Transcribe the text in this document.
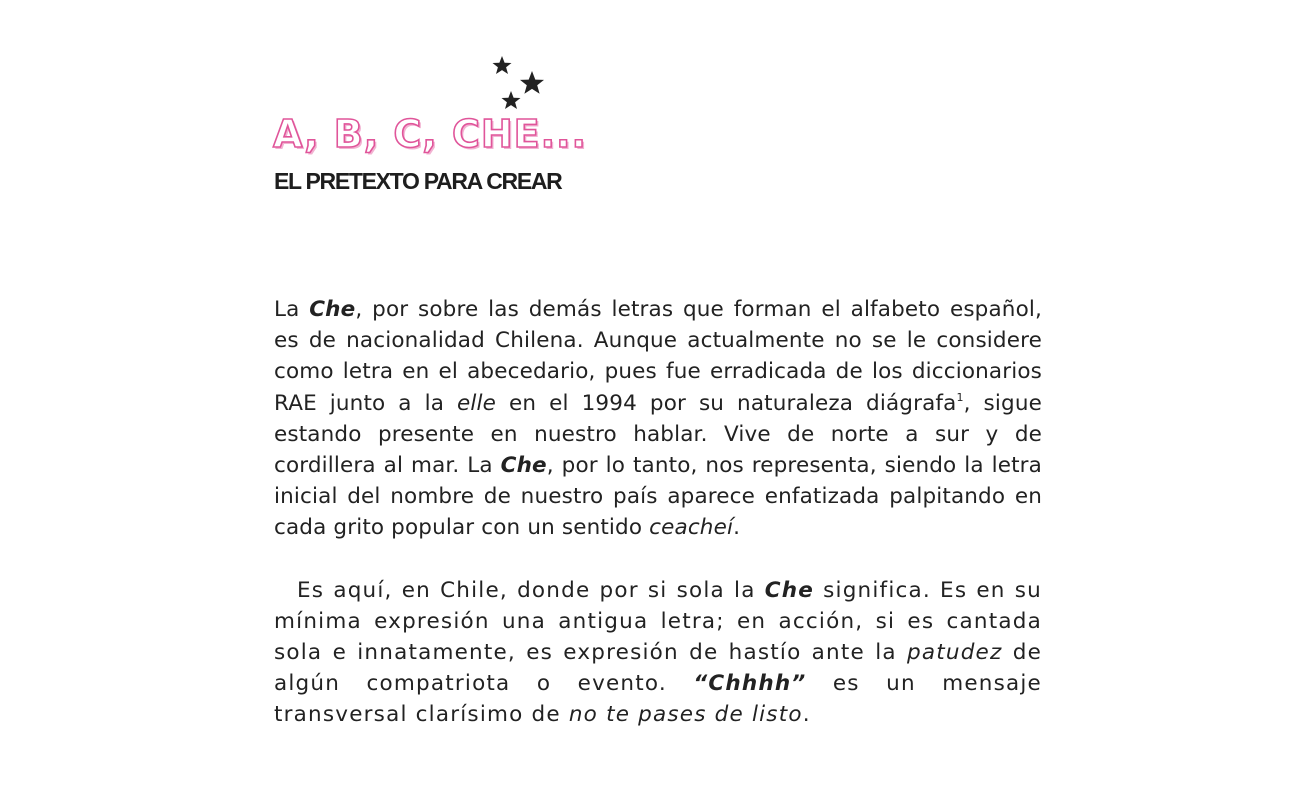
A, B, C, CHE...
EL PRETEXTO PARA CREAR

La Che, por sobre las demás letras que forman el alfabeto español, es de nacionalidad Chilena. Aunque actualmente no se le considere como letra en el abecedario, pues fue erradicada de los diccionarios RAE junto a la elle en el 1994 por su naturaleza diágrafa$^1$, sigue estando presente en nuestro hablar. Vive de norte a sur y de cordillera al mar. La Che, por lo tanto, nos representa, siendo la letra inicial del nombre de nuestro país aparece enfatizada palpitando en cada grito popular con un sentido ceacheí.

Es aquí, en Chile, donde por si sola la Che significa. Es en su mínima expresión una antigua letra; en acción, si es cantada sola e innatamente, es expresión de hastío ante la patudez de algún compatriota o evento. “Chhhh” es un mensaje transversal clarísimo de no te pases de listo.
